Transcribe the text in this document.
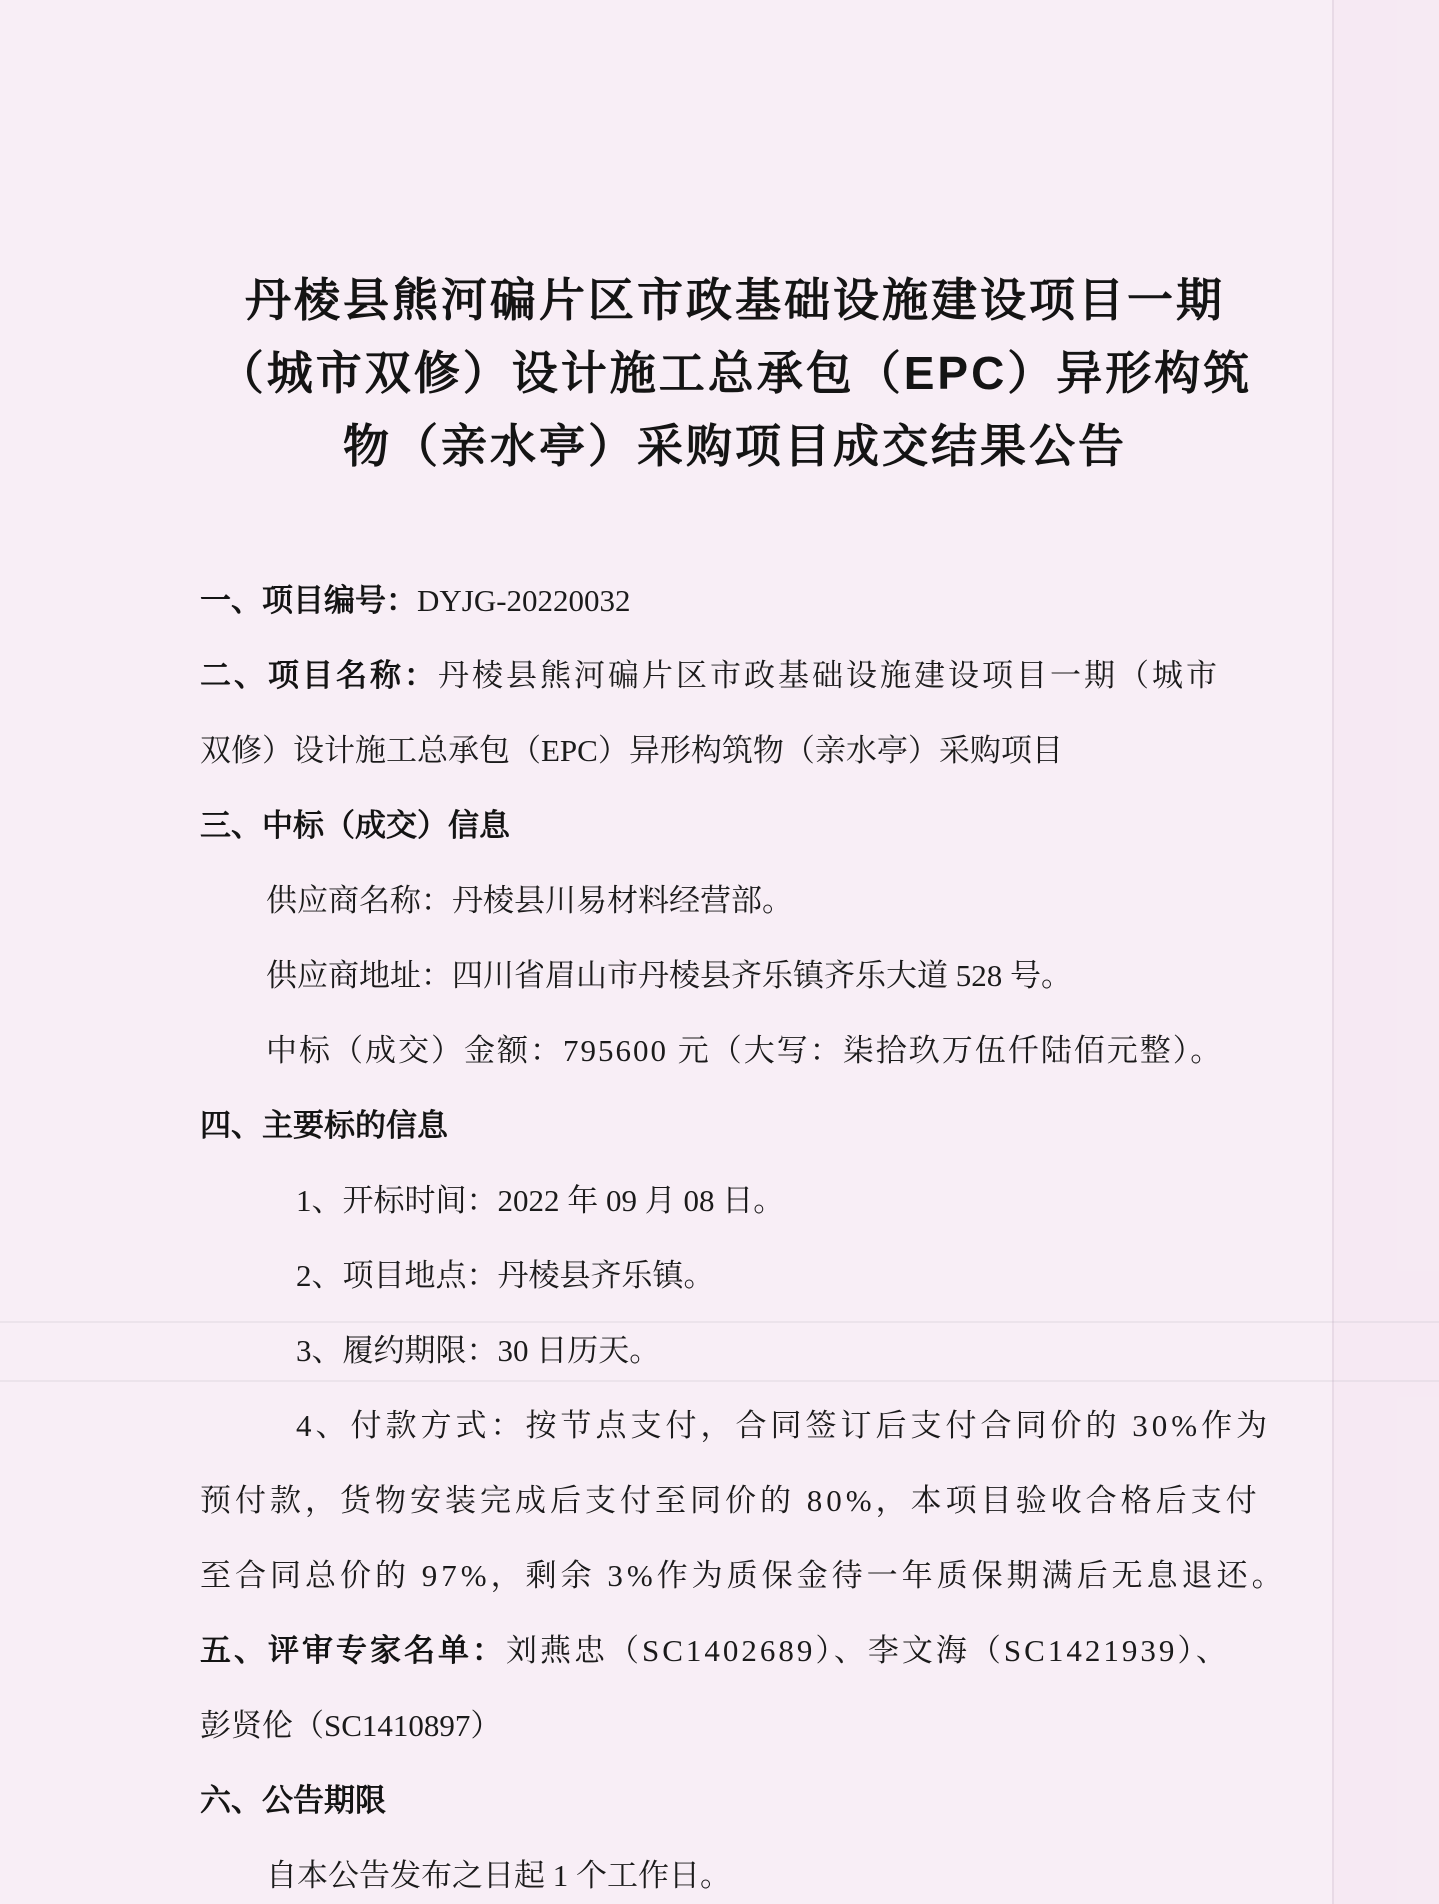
丹棱县熊河碥片区市政基础设施建设项目一期
（城市双修）设计施工总承包（EPC）异形构筑
物（亲水亭）采购项目成交结果公告
一、项目编号：DYJG-20220032
二、项目名称：丹棱县熊河碥片区市政基础设施建设项目一期（城市
双修）设计施工总承包（EPC）异形构筑物（亲水亭）采购项目
三、中标（成交）信息
供应商名称：丹棱县川易材料经营部。
供应商地址：四川省眉山市丹棱县齐乐镇齐乐大道 528 号。
中标（成交）金额：795600 元（大写：柒拾玖万伍仟陆佰元整）。
四、主要标的信息
1、开标时间：2022 年 09 月 08 日。
2、项目地点：丹棱县齐乐镇。
3、履约期限：30 日历天。
4、付款方式：按节点支付，合同签订后支付合同价的 30%作为
预付款，货物安装完成后支付至同价的 80%，本项目验收合格后支付
至合同总价的 97%，剩余 3%作为质保金待一年质保期满后无息退还。
五、评审专家名单：刘燕忠（SC1402689）、李文海（SC1421939）、
彭贤伦（SC1410897）
六、公告期限
自本公告发布之日起 1 个工作日。
